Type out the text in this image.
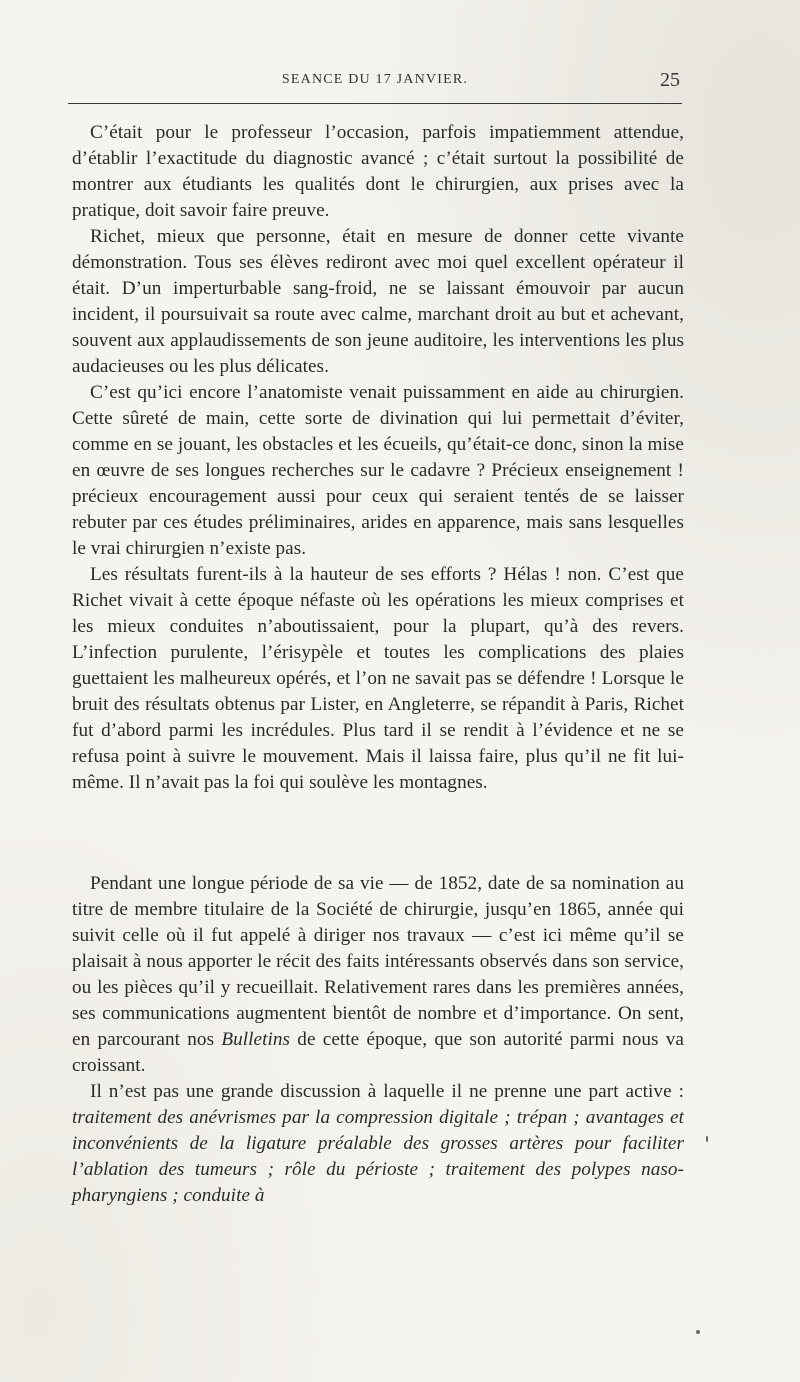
SEANCE DU 17 JANVIER.	25

C’était pour le professeur l’occasion, parfois impatiemment attendue, d’établir l’exactitude du diagnostic avancé ; c’était surtout la possibilité de montrer aux étudiants les qualités dont le chirurgien, aux prises avec la pratique, doit savoir faire preuve.

Richet, mieux que personne, était en mesure de donner cette vivante démonstration. Tous ses élèves rediront avec moi quel excellent opérateur il était. D’un imperturbable sang-froid, ne se laissant émouvoir par aucun incident, il poursuivait sa route avec calme, marchant droit au but et achevant, souvent aux applaudissements de son jeune auditoire, les interventions les plus audacieuses ou les plus délicates.

C’est qu’ici encore l’anatomiste venait puissamment en aide au chirurgien. Cette sûreté de main, cette sorte de divination qui lui permettait d’éviter, comme en se jouant, les obstacles et les écueils, qu’était-ce donc, sinon la mise en œuvre de ses longues recherches sur le cadavre ? Précieux enseignement ! précieux encouragement aussi pour ceux qui seraient tentés de se laisser rebuter par ces études préliminaires, arides en apparence, mais sans lesquelles le vrai chirurgien n’existe pas.

Les résultats furent-ils à la hauteur de ses efforts ? Hélas ! non. C’est que Richet vivait à cette époque néfaste où les opérations les mieux comprises et les mieux conduites n’aboutissaient, pour la plupart, qu’à des revers. L’infection purulente, l’érisypèle et toutes les complications des plaies guettaient les malheureux opérés, et l’on ne savait pas se défendre ! Lorsque le bruit des résultats obtenus par Lister, en Angleterre, se répandit à Paris, Richet fut d’abord parmi les incrédules. Plus tard il se rendit à l’évidence et ne se refusa point à suivre le mouvement. Mais il laissa faire, plus qu’il ne fit lui-même. Il n’avait pas la foi qui soulève les montagnes.

Pendant une longue période de sa vie — de 1852, date de sa nomination au titre de membre titulaire de la Société de chirurgie, jusqu’en 1865, année qui suivit celle où il fut appelé à diriger nos travaux — c’est ici même qu’il se plaisait à nous apporter le récit des faits intéressants observés dans son service, ou les pièces qu’il y recueillait. Relativement rares dans les premières années, ses communications augmentent bientôt de nombre et d’importance. On sent, en parcourant nos Bulletins de cette époque, que son autorité parmi nous va croissant.

Il n’est pas une grande discussion à laquelle il ne prenne une part active : traitement des anévrismes par la compression digitale ; trépan ; avantages et inconvénients de la ligature préalable des grosses artères pour faciliter l’ablation des tumeurs ; rôle du périoste ; traitement des polypes naso-pharyngiens ; conduite à
